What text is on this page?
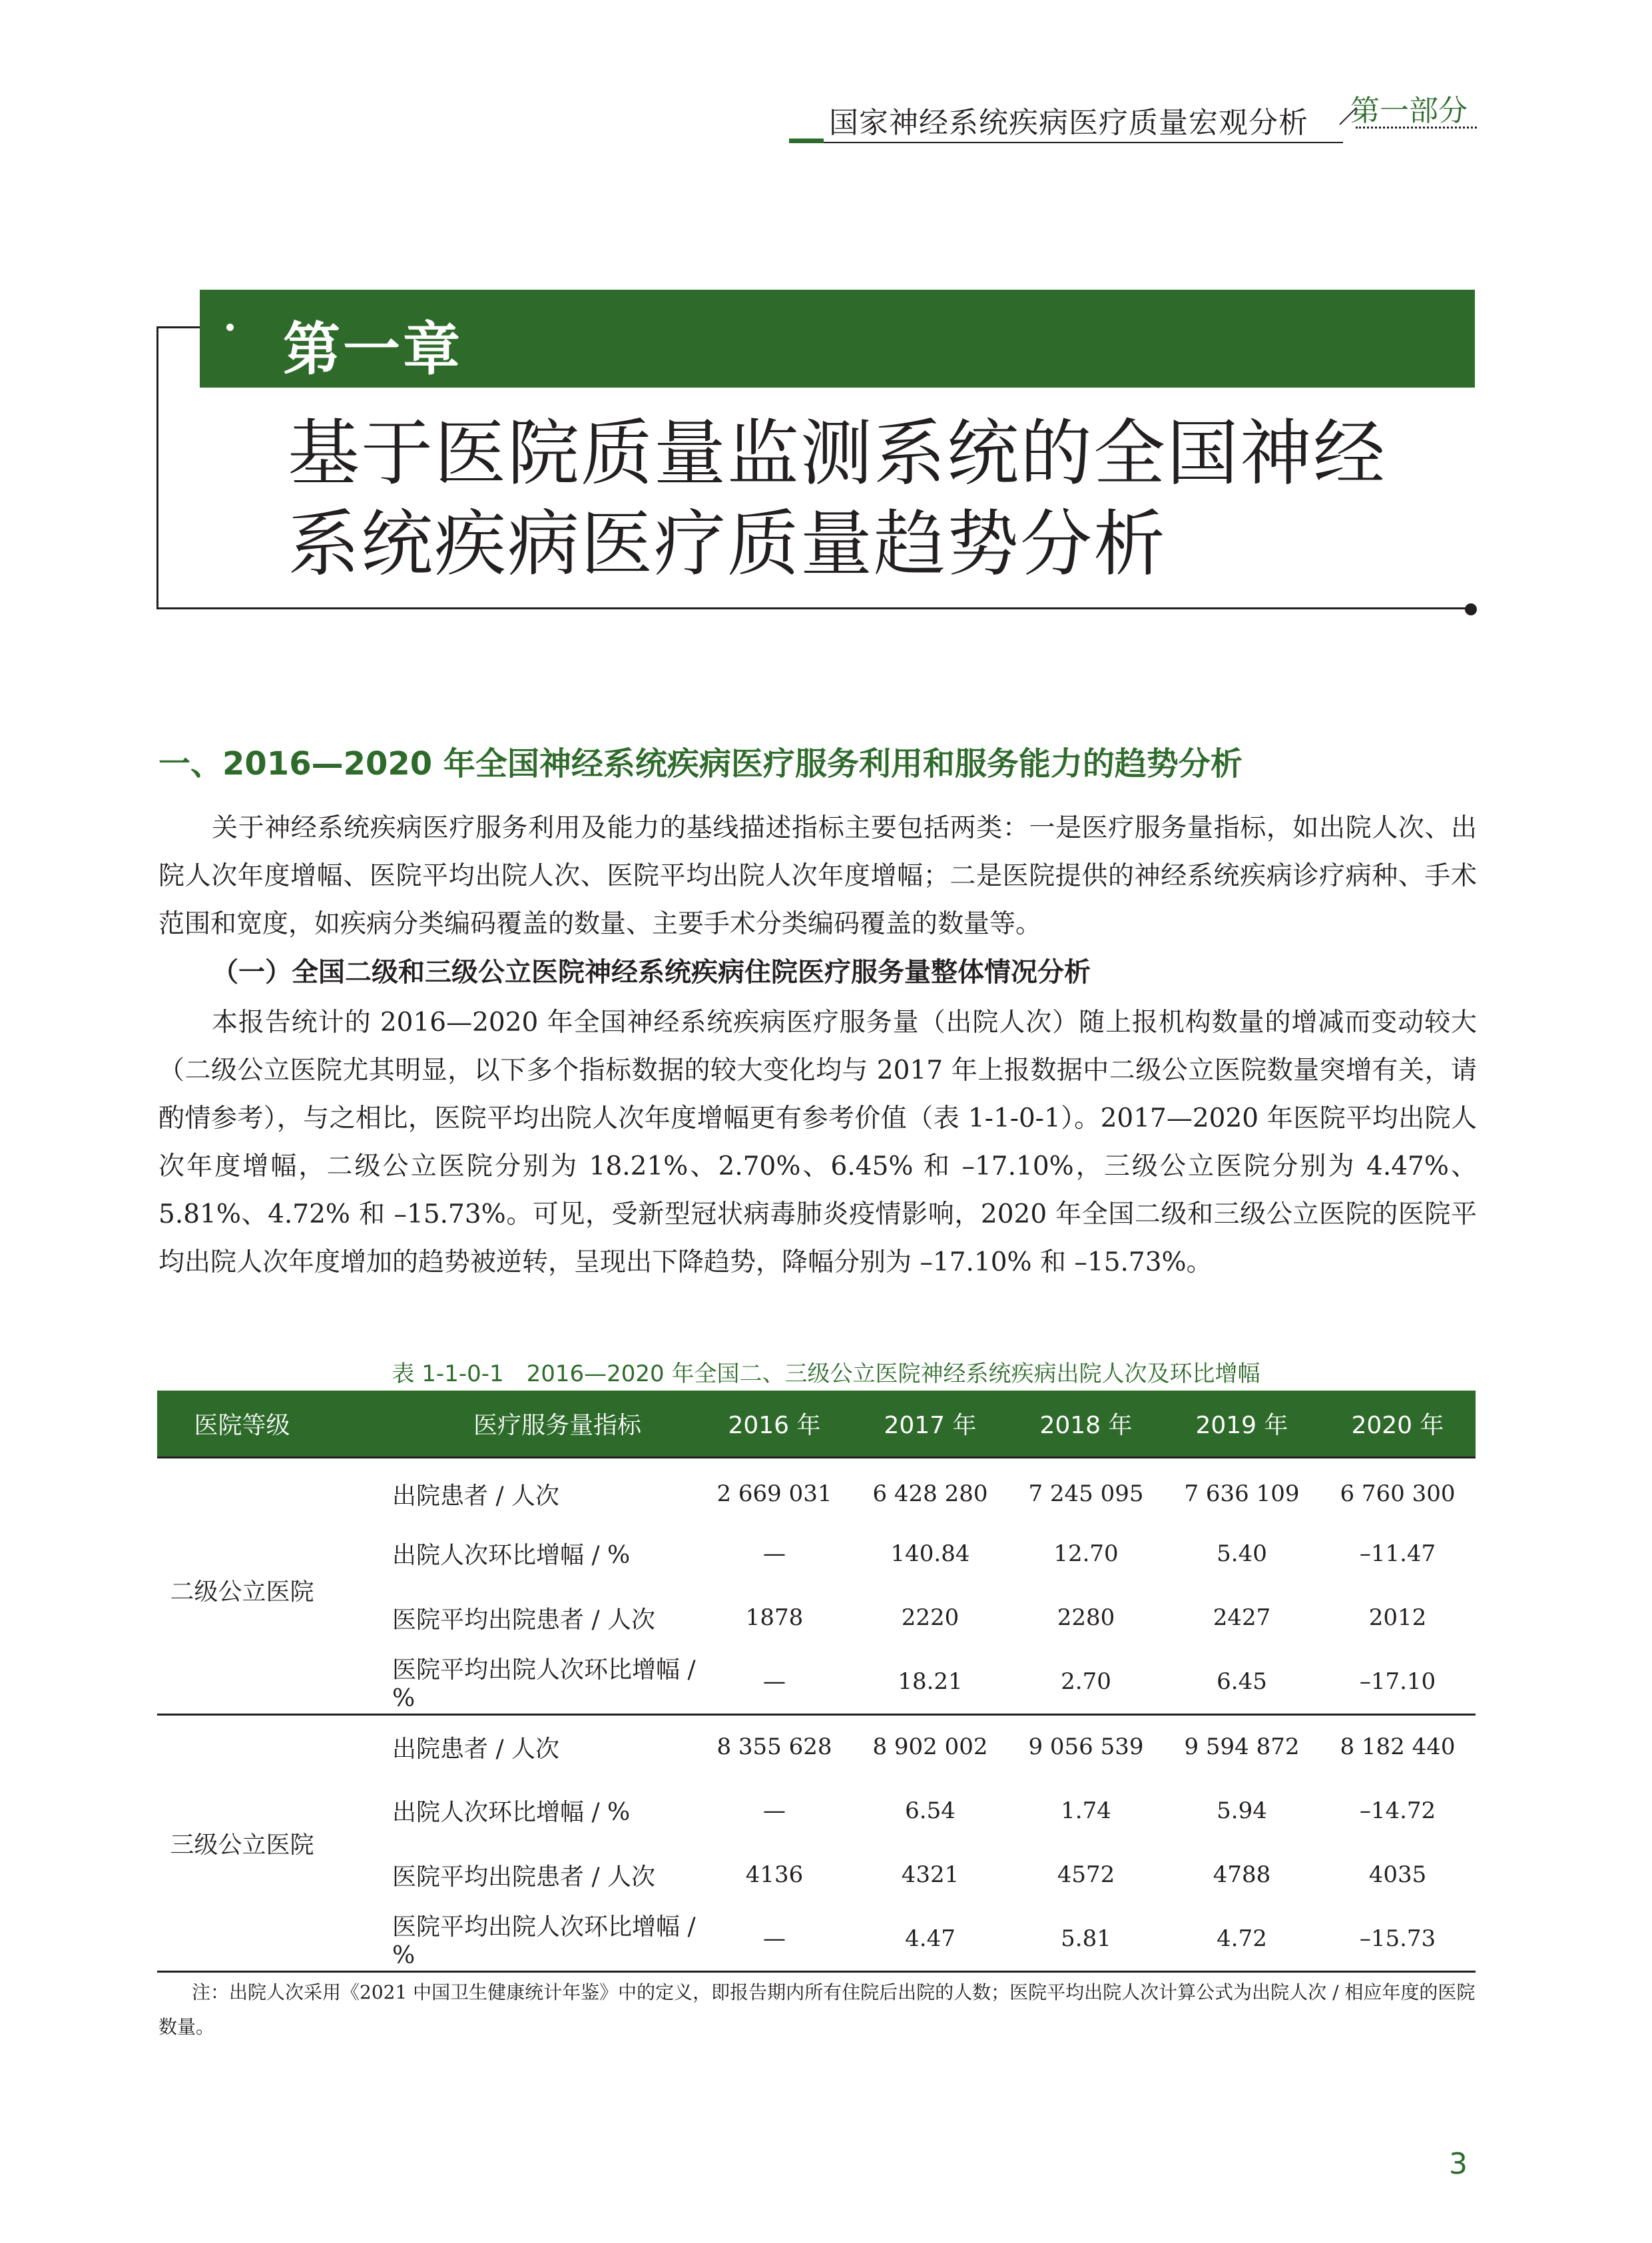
国家神经系统疾病医疗质量宏观分析 第一部分
第一章
基于医院质量监测系统的全国神经系统疾病医疗质量趋势分析
一、2016—2020 年全国神经系统疾病医疗服务利用和服务能力的趋势分析

关于神经系统疾病医疗服务利用及能力的基线描述指标主要包括两类：一是医疗服务量指标，如出院人次、出院人次年度增幅、医院平均出院人次、医院平均出院人次年度增幅；二是医院提供的神经系统疾病诊疗病种、手术范围和宽度，如疾病分类编码覆盖的数量、主要手术分类编码覆盖的数量等。

（一）全国二级和三级公立医院神经系统疾病住院医疗服务量整体情况分析

本报告统计的 2016—2020 年全国神经系统疾病医疗服务量（出院人次）随上报机构数量的增减而变动较大（二级公立医院尤其明显，以下多个指标数据的较大变化均与 2017 年上报数据中二级公立医院数量突增有关，请酌情参考），与之相比，医院平均出院人次年度增幅更有参考价值（表 1-1-0-1）。2017—2020 年医院平均出院人次年度增幅，二级公立医院分别为 18.21%、2.70%、6.45% 和 –17.10%，三级公立医院分别为 4.47%、5.81%、4.72% 和 –15.73%。可见，受新型冠状病毒肺炎疫情影响，2020 年全国二级和三级公立医院的医院平均出院人次年度增加的趋势被逆转，呈现出下降趋势，降幅分别为 –17.10% 和 –15.73%。

表 1-1-0-1　2016—2020 年全国二、三级公立医院神经系统疾病出院人次及环比增幅
医院等级	医疗服务量指标	2016 年	2017 年	2018 年	2019 年	2020 年
二级公立医院	出院患者 / 人次	2 669 031	6 428 280	7 245 095	7 636 109	6 760 300
	出院人次环比增幅 / %	—	140.84	12.70	5.40	–11.47
	医院平均出院患者 / 人次	1878	2220	2280	2427	2012
	医院平均出院人次环比增幅 / %	—	18.21	2.70	6.45	–17.10
三级公立医院	出院患者 / 人次	8 355 628	8 902 002	9 056 539	9 594 872	8 182 440
	出院人次环比增幅 / %	—	6.54	1.74	5.94	–14.72
	医院平均出院患者 / 人次	4136	4321	4572	4788	4035
	医院平均出院人次环比增幅 / %	—	4.47	5.81	4.72	–15.73

注：出院人次采用《2021 中国卫生健康统计年鉴》中的定义，即报告期内所有住院后出院的人数；医院平均出院人次计算公式为出院人次 / 相应年度的医院数量。

3
